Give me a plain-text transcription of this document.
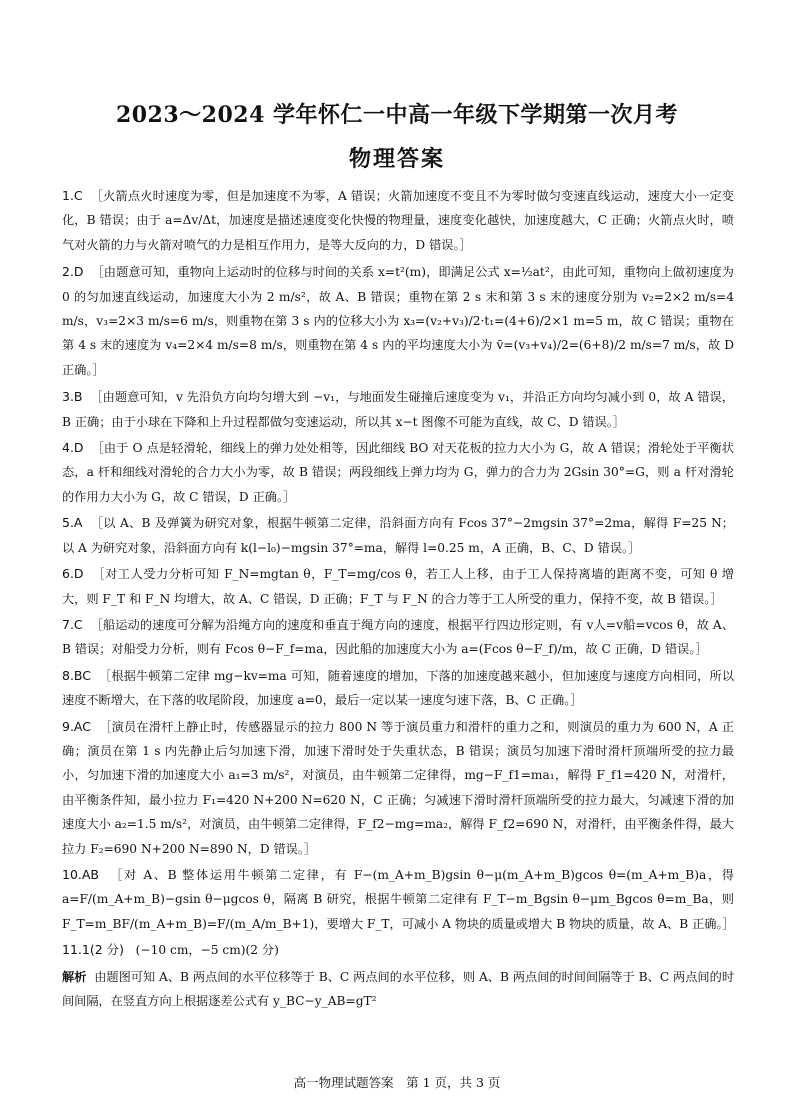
2023～2024 学年怀仁一中高一年级下学期第一次月考
物理答案

1.C ［火箭点火时速度为零，但是加速度不为零，A 错误；火箭加速度不变且不为零时做匀变速直线运动，速度大小一定变化，B 错误；由于 a=Δv/Δt，加速度是描述速度变化快慢的物理量，速度变化越快，加速度越大，C 正确；火箭点火时，喷气对火箭的力与火箭对喷气的力是相互作用力，是等大反向的力，D 错误。］

2.D ［由题意可知，重物向上运动时的位移与时间的关系 x=t²(m)，即满足公式 x=½at²，由此可知，重物向上做初速度为 0 的匀加速直线运动，加速度大小为 2 m/s²，故 A、B 错误；重物在第 2 s 末和第 3 s 末的速度分别为 v₂=2×2 m/s=4 m/s，v₃=2×3 m/s=6 m/s，则重物在第 3 s 内的位移大小为 x₃=(v₂+v₃)/2·t₁=(4+6)/2×1 m=5 m，故 C 错误；重物在第 4 s 末的速度为 v₄=2×4 m/s=8 m/s，则重物在第 4 s 内的平均速度大小为 v̄=(v₃+v₄)/2=(6+8)/2 m/s=7 m/s，故 D 正确。］

3.B ［由题意可知，v 先沿负方向均匀增大到 −v₁，与地面发生碰撞后速度变为 v₁，并沿正方向均匀减小到 0，故 A 错误，B 正确；由于小球在下降和上升过程都做匀变速运动，所以其 x−t 图像不可能为直线，故 C、D 错误。］

4.D ［由于 O 点是轻滑轮，细线上的弹力处处相等，因此细线 BO 对天花板的拉力大小为 G，故 A 错误；滑轮处于平衡状态，a 杆和细线对滑轮的合力大小为零，故 B 错误；两段细线上弹力均为 G，弹力的合力为 2Gsin 30°=G，则 a 杆对滑轮的作用力大小为 G，故 C 错误，D 正确。］

5.A ［以 A、B 及弹簧为研究对象，根据牛顿第二定律，沿斜面方向有 Fcos 37°−2mgsin 37°=2ma，解得 F=25 N；以 A 为研究对象，沿斜面方向有 k(l−l₀)−mgsin 37°=ma，解得 l=0.25 m，A 正确，B、C、D 错误。］

6.D ［对工人受力分析可知 F_N=mgtan θ，F_T=mg/cos θ，若工人上移，由于工人保持离墙的距离不变，可知 θ 增大，则 F_T 和 F_N 均增大，故 A、C 错误，D 正确；F_T 与 F_N 的合力等于工人所受的重力，保持不变，故 B 错误。］

7.C ［船运动的速度可分解为沿绳方向的速度和垂直于绳方向的速度，根据平行四边形定则，有 v人=v船=vcos θ，故 A、B 错误；对船受力分析，则有 Fcos θ−F_f=ma，因此船的加速度大小为 a=(Fcos θ−F_f)/m，故 C 正确，D 错误。］

8.BC ［根据牛顿第二定律 mg−kv=ma 可知，随着速度的增加，下落的加速度越来越小，但加速度与速度方向相同，所以速度不断增大，在下落的收尾阶段，加速度 a=0，最后一定以某一速度匀速下落，B、C 正确。］

9.AC ［演员在滑杆上静止时，传感器显示的拉力 800 N 等于演员重力和滑杆的重力之和，则演员的重力为 600 N，A 正确；演员在第 1 s 内先静止后匀加速下滑，加速下滑时处于失重状态，B 错误；演员匀加速下滑时滑杆顶端所受的拉力最小，匀加速下滑的加速度大小 a₁=3 m/s²，对演员，由牛顿第二定律得，mg−F_f1=ma₁，解得 F_f1=420 N，对滑杆，由平衡条件知，最小拉力 F₁=420 N+200 N=620 N，C 正确；匀减速下滑时滑杆顶端所受的拉力最大，匀减速下滑的加速度大小 a₂=1.5 m/s²，对演员，由牛顿第二定律得，F_f2−mg=ma₂，解得 F_f2=690 N，对滑杆，由平衡条件得，最大拉力 F₂=690 N+200 N=890 N，D 错误。］

10.AB ［对 A、B 整体运用牛顿第二定律，有 F−(m_A+m_B)gsin θ−μ(m_A+m_B)gcos θ=(m_A+m_B)a，得 a=F/(m_A+m_B)−gsin θ−μgcos θ，隔离 B 研究，根据牛顿第二定律有 F_T−m_Bgsin θ−μm_Bgcos θ=m_Ba，则 F_T=m_BF/(m_A+m_B)=F/(m_A/m_B+1)，要增大 F_T，可减小 A 物块的质量或增大 B 物块的质量，故 A、B 正确。］

11.1(2 分) (−10 cm，−5 cm)(2 分)

解析 由题图可知 A、B 两点间的水平位移等于 B、C 两点间的水平位移，则 A、B 两点间的时间间隔等于 B、C 两点间的时间间隔，在竖直方向上根据逐差公式有 y_BC−y_AB=gT²

高一物理试题答案　第 1 页，共 3 页
